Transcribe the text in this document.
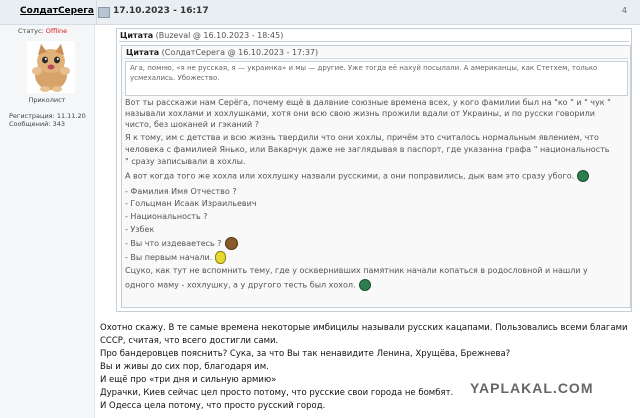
СолдатСерега 17.10.2023 - 16:17	4
Статус: Offline
Приколист
Регистрация: 11.11.20
Сообщений: 343
Цитата (Buzeval @ 16.10.2023 - 18:45)
Цитата (СолдатСерега @ 16.10.2023 - 17:37)
Ага, помню, «я не русская, я — украинка» и мы — другие. Уже тогда её нахуй посылали. А американцы, как Стетхем, только усмехались. Убожество.
Вот ты расскажи нам Серёга, почему ещё в далвние союзные времена всех, у кого фамилии был на "ко " и " чук "
называли хохлами и хохлушками, хотя они всю свою жизнь прожили вдали от Украины, и по русски говорили
чисто, без шоканей и гэканий ?
Я к тому, им с детства и всю жизнь твердили что они хохлы, причём это считалось нормальным явлением, что
человека с фамилией Янько, или Вакарчук даже не заглядывая в паспорт, где указанна графа " национальность
" сразу записывали в хохлы.
А вот когда того же хохла или хохлушку назвали русскими, а они поправились, дык вам это сразу убого.
- Фамилия Имя Отчество ?
- Гольцман Исаак Израильевич
- Национальность ?
- Узбек
- Вы что издеваетесь ?
- Вы первым начали.
Сцуко, как тут не вспомнить тему, где у осквернивших памятник начали копаться в родословной и нашли у
одного маму - хохлушку, а у другого тесть был хохол.
Охотно скажу. В те самые времена некоторые имбицилы называли русских кацапами. Пользовались всеми благами
СССР, считая, что всего достигли сами.
Про бандеровцев пояснить? Сука, за что Вы так ненавидите Ленина, Хрущёва, Брежнева?
Вы и живы до сих пор, благодаря им.
И ещё про «три дня и сильную армию»
Дурачки, Киев сейчас цел просто потому, что русские свои города не бомбят.
И Одесса цела потому, что просто русский город.
YAPLAKAL.COM
